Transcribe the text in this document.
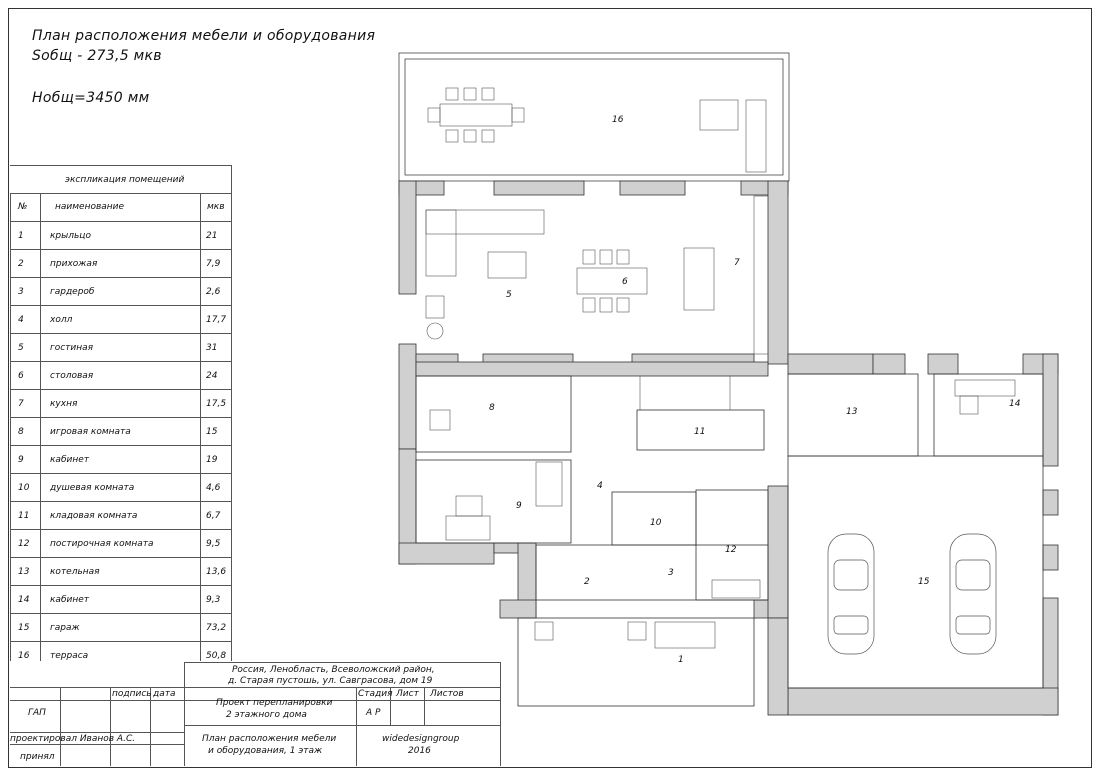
План расположения мебели и оборудования
Sобщ - 273,5 мкв
Нобщ=3450 мм
экспликация помещений
№	наименование	мкв
1	крыльцо	21
2	прихожая	7,9
3	гардероб	2,6
4	холл	17,7
5	гостиная	31
6	столовая	24
7	кухня	17,5
8	игровая комната	15
9	кабинет	19
10 душевая комната	4,6
11 кладовая комната	6,7
12 постирочная комната	9,5
13 котельная	13,6
14 кабинет	9,3
15 гараж	73,2
16 терраса	50,8	1
2
3
4
5
6
7
8
9
10
11
12
13
14
15
16
Россия, Ленобласть, Всеволожский район,
д. Старая пустошь, ул. Савграсова, дом 19
подпись дата	Стадия Лист Листов
А Р
Проект перепланировки
2 этажного дома
ГАП
проектировал Иванов А.С.
принял
План расположения мебели
и оборудования, 1 этаж
widedesigngroup
2016
